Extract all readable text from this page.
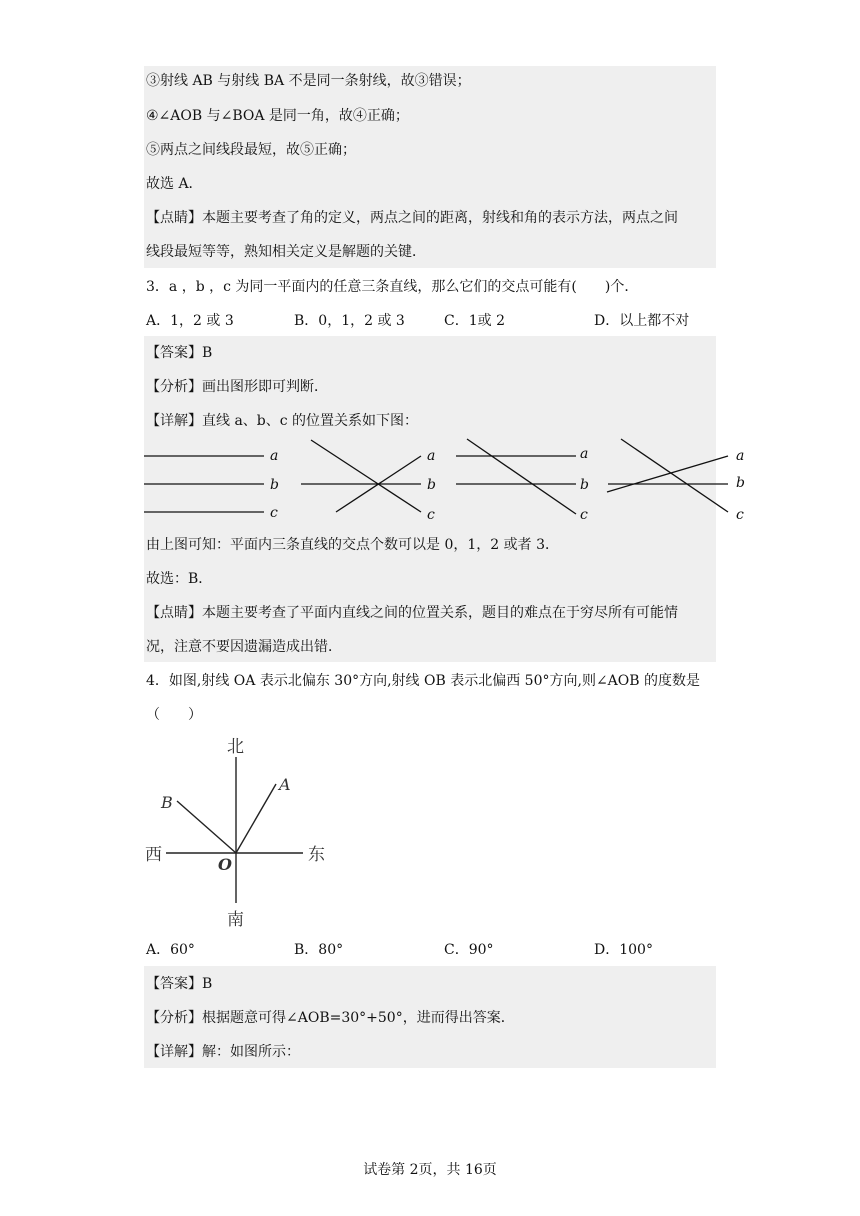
③射线 AB 与射线 BA 不是同一条射线，故③错误；
④∠AOB 与∠BOA 是同一角，故④正确；
⑤两点之间线段最短，故⑤正确；
故选 A．
【点睛】本题主要考查了角的定义，两点之间的距离，射线和角的表示方法，两点之间
线段最短等等，熟知相关定义是解题的关键．
3．a ，b ，c 为同一平面内的任意三条直线，那么它们的交点可能有(　　)个．
A．1，2 或 3	B．0，1，2 或 3	C．1或 2	D．以上都不对
【答案】B
【分析】画出图形即可判断．
【详解】直线 a、b、c 的位置关系如下图：
a
b
c
a
b
c
a
b
c
a
b
c
由上图可知：平面内三条直线的交点个数可以是 0，1，2 或者 3．
故选：B．
【点睛】本题主要考查了平面内直线之间的位置关系，题目的难点在于穷尽所有可能情
况，注意不要因遗漏造成出错．
4．如图,射线 OA 表示北偏东 30°方向,射线 OB 表示北偏西 50°方向,则∠AOB 的度数是
（　　）
北
南
西	东
A
B
O
A．60°	B．80°	C．90°	D．100°
【答案】B
【分析】根据题意可得∠AOB=30°+50°，进而得出答案．
【详解】解：如图所示：
试卷第 2页，共 16页
